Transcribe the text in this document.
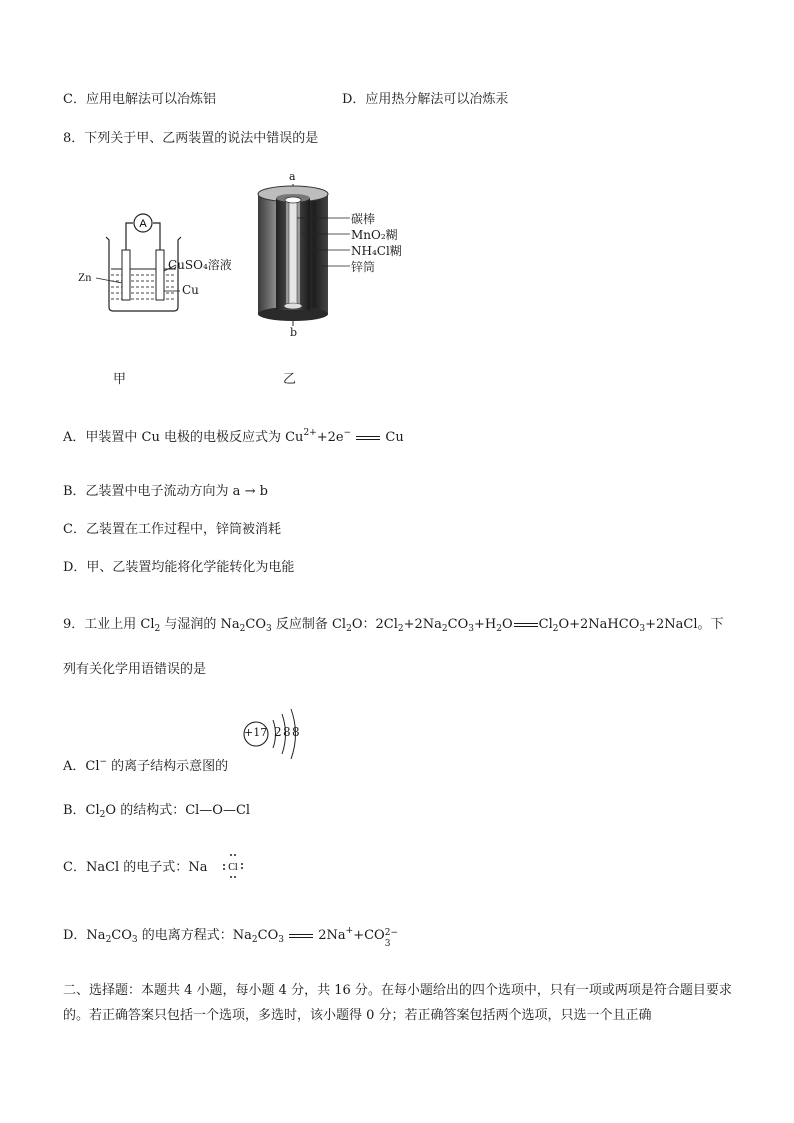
C．应用电解法可以冶炼铝	D．应用热分解法可以冶炼汞
8．下列关于甲、乙两装置的说法中错误的是
A
Zn
CuSO₄溶液
Cu
甲
a
b
碳棒
MnO₂糊
NH₄Cl糊
锌筒
乙
A．甲装置中 Cu 电极的电极反应式为 $Cu^{2+}+2e^-$	Cu
B．乙装置中电子流动方向为 a → b
C．乙装置在工作过程中，锌筒被消耗
D．甲、乙装置均能将化学能转化为电能
9．工业上用 $Cl_2$ 与湿润的 $Na_2CO_3$ 反应制备 $Cl_2O$：$2Cl_2+2Na_2CO_3+H_2O$ $Cl_2O+2NaHCO_3+2NaCl$。下
列有关化学用语错误的是
A．Cl− 的离子结构示意图的
+17 2 8 8
B．$Cl_2O$ 的结构式：Cl—O—Cl
C．NaCl 的电子式：Na Cl
D．$Na_2CO_3$ 的电离方程式：$Na_2CO_3$	2Na++CO 2−
3
二、选择题：本题共 4 小题，每小题 4 分，共 16 分。在每小题给出的四个选项中，只有一项或两项是符合题目要求的。若正确答案只包括一个选项，多选时，该小题得 0 分；若正确答案包括两个选项，只选一个且正确
